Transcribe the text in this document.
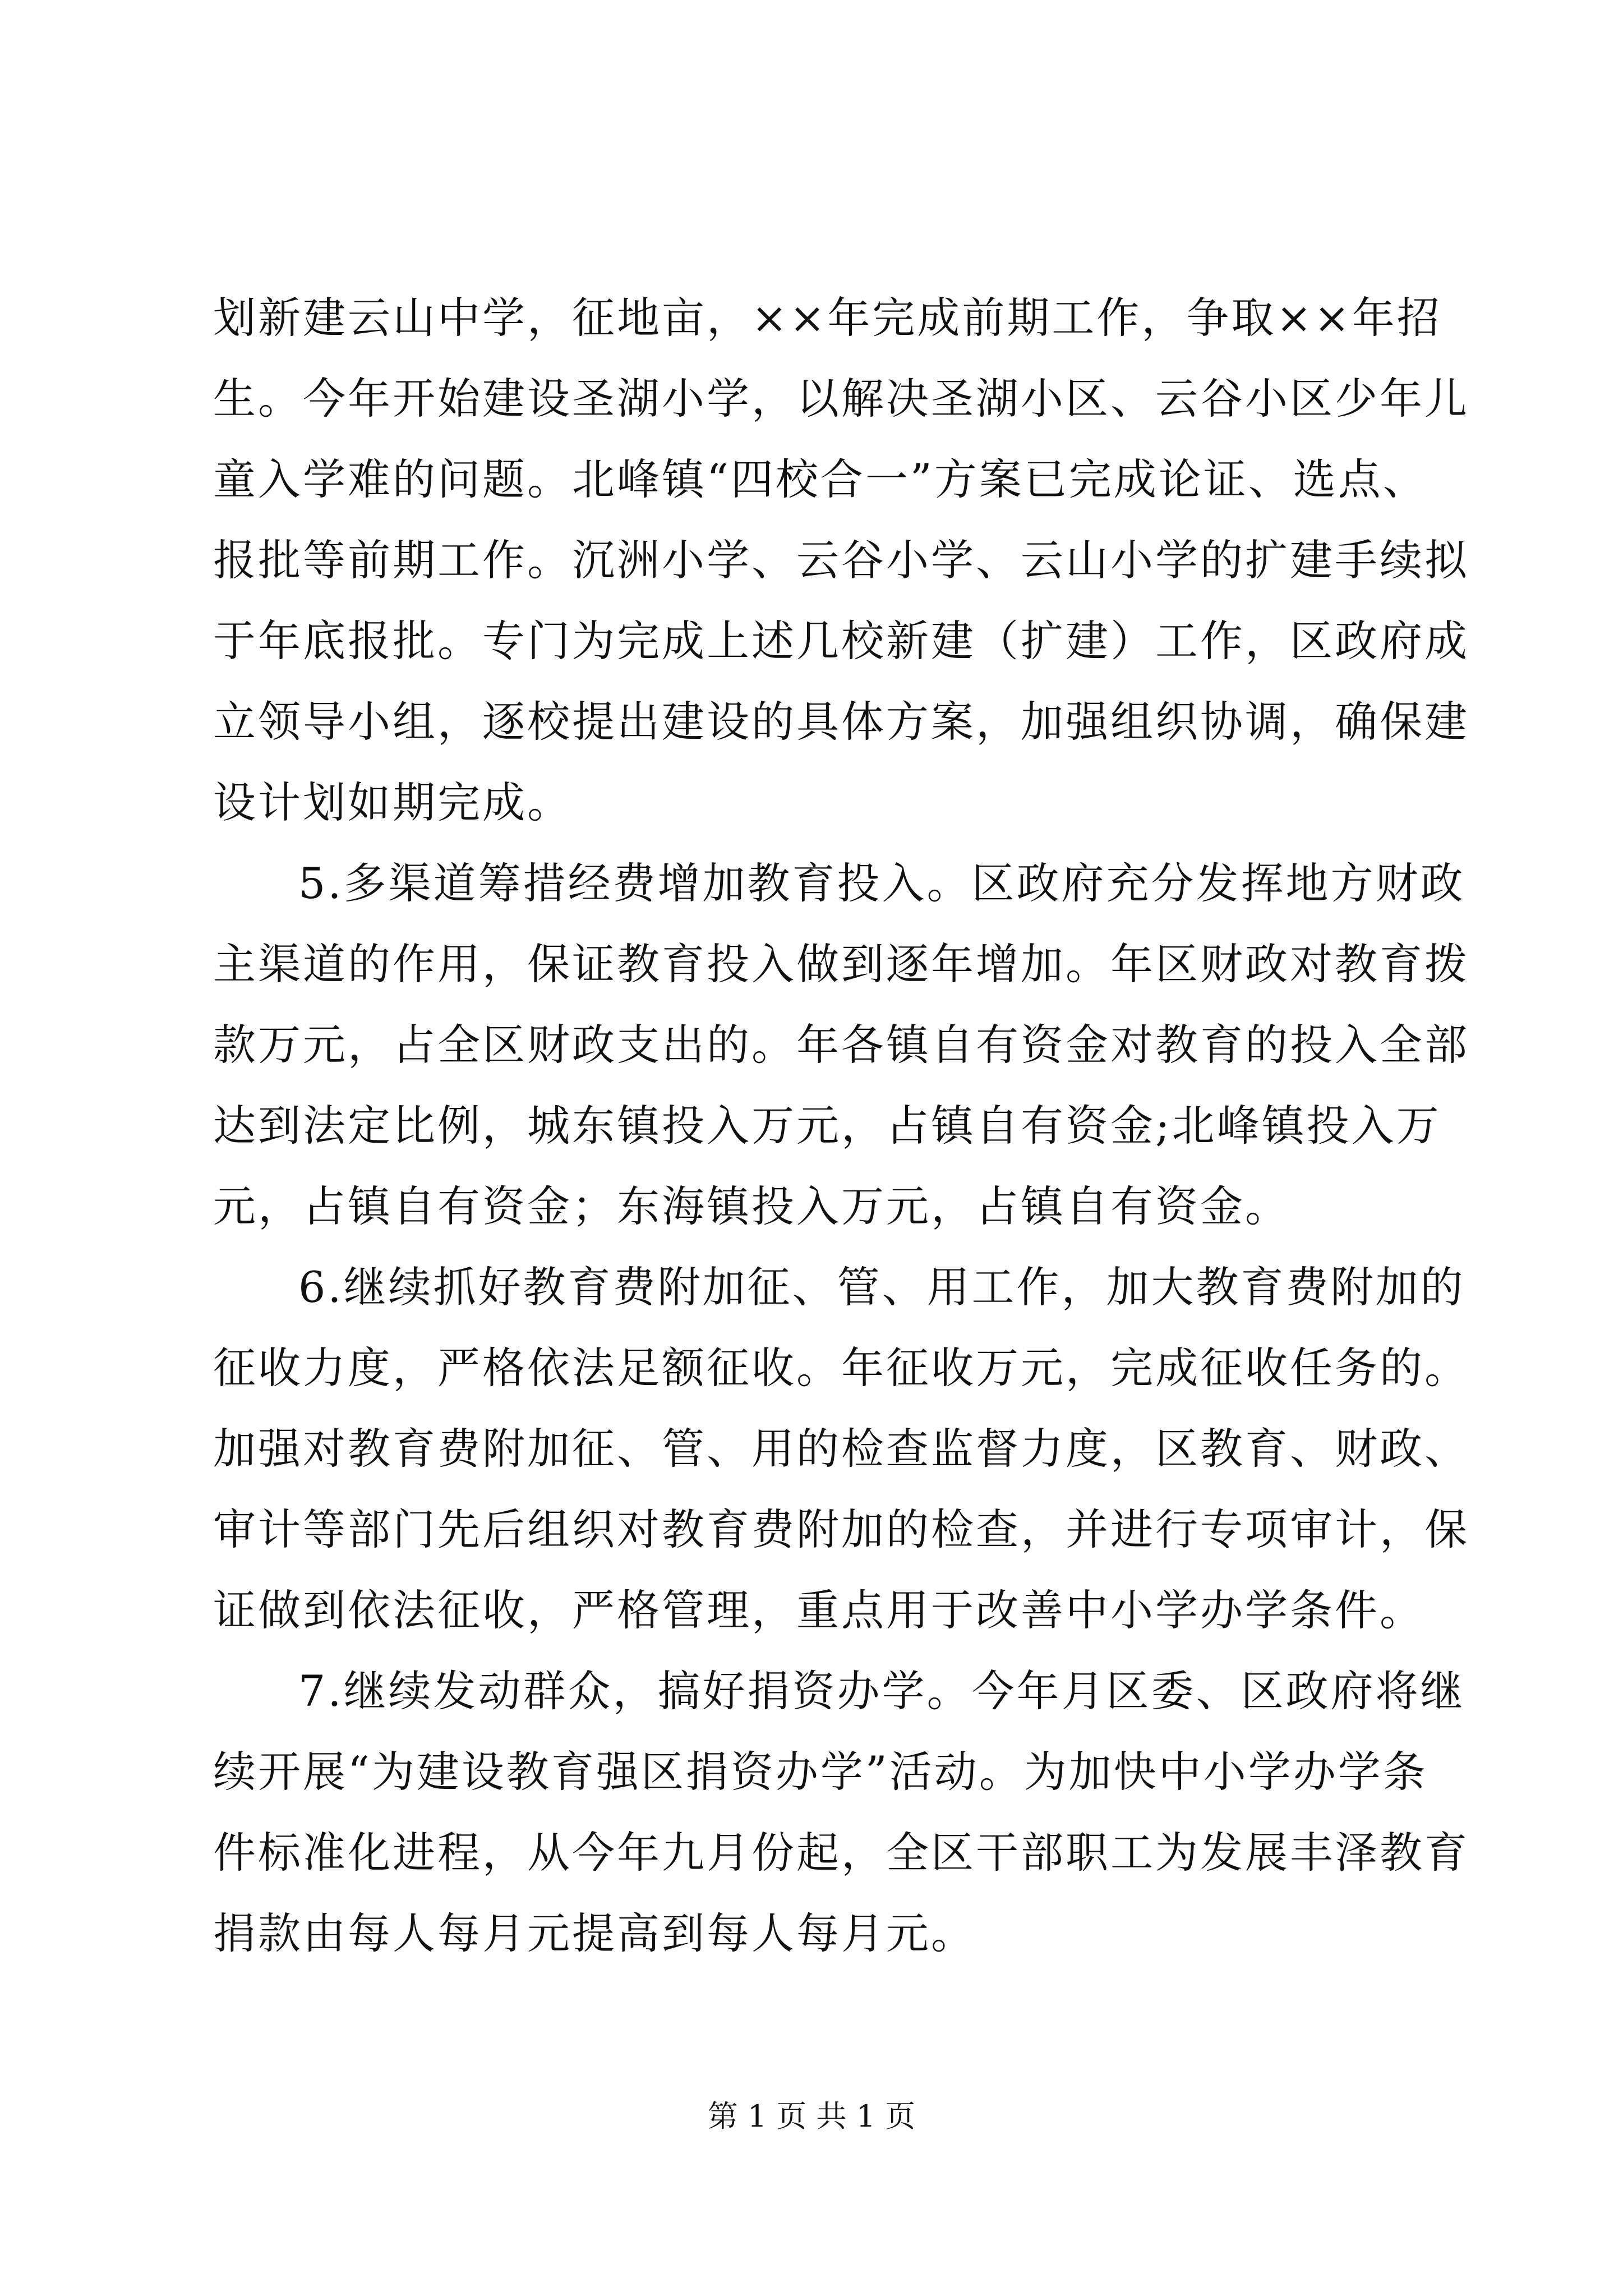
划新建云山中学，征地亩，××年完成前期工作，争取××年招
生。今年开始建设圣湖小学，以解决圣湖小区、云谷小区少年儿
童入学难的问题。北峰镇“四校合一”方案已完成论证、选点、
报批等前期工作。沉洲小学、云谷小学、云山小学的扩建手续拟
于年底报批。专门为完成上述几校新建（扩建）工作，区政府成
立领导小组，逐校提出建设的具体方案，加强组织协调，确保建
设计划如期完成。
5.多渠道筹措经费增加教育投入。区政府充分发挥地方财政
主渠道的作用，保证教育投入做到逐年增加。年区财政对教育拨
款万元，占全区财政支出的。年各镇自有资金对教育的投入全部
达到法定比例，城东镇投入万元，占镇自有资金;北峰镇投入万
元，占镇自有资金；东海镇投入万元，占镇自有资金。
6.继续抓好教育费附加征、管、用工作，加大教育费附加的
征收力度，严格依法足额征收。年征收万元，完成征收任务的。
加强对教育费附加征、管、用的检查监督力度，区教育、财政、
审计等部门先后组织对教育费附加的检查，并进行专项审计，保
证做到依法征收，严格管理，重点用于改善中小学办学条件。
7.继续发动群众，搞好捐资办学。今年月区委、区政府将继
续开展“为建设教育强区捐资办学”活动。为加快中小学办学条
件标准化进程，从今年九月份起，全区干部职工为发展丰泽教育
捐款由每人每月元提高到每人每月元。
第 1 页 共 1 页
